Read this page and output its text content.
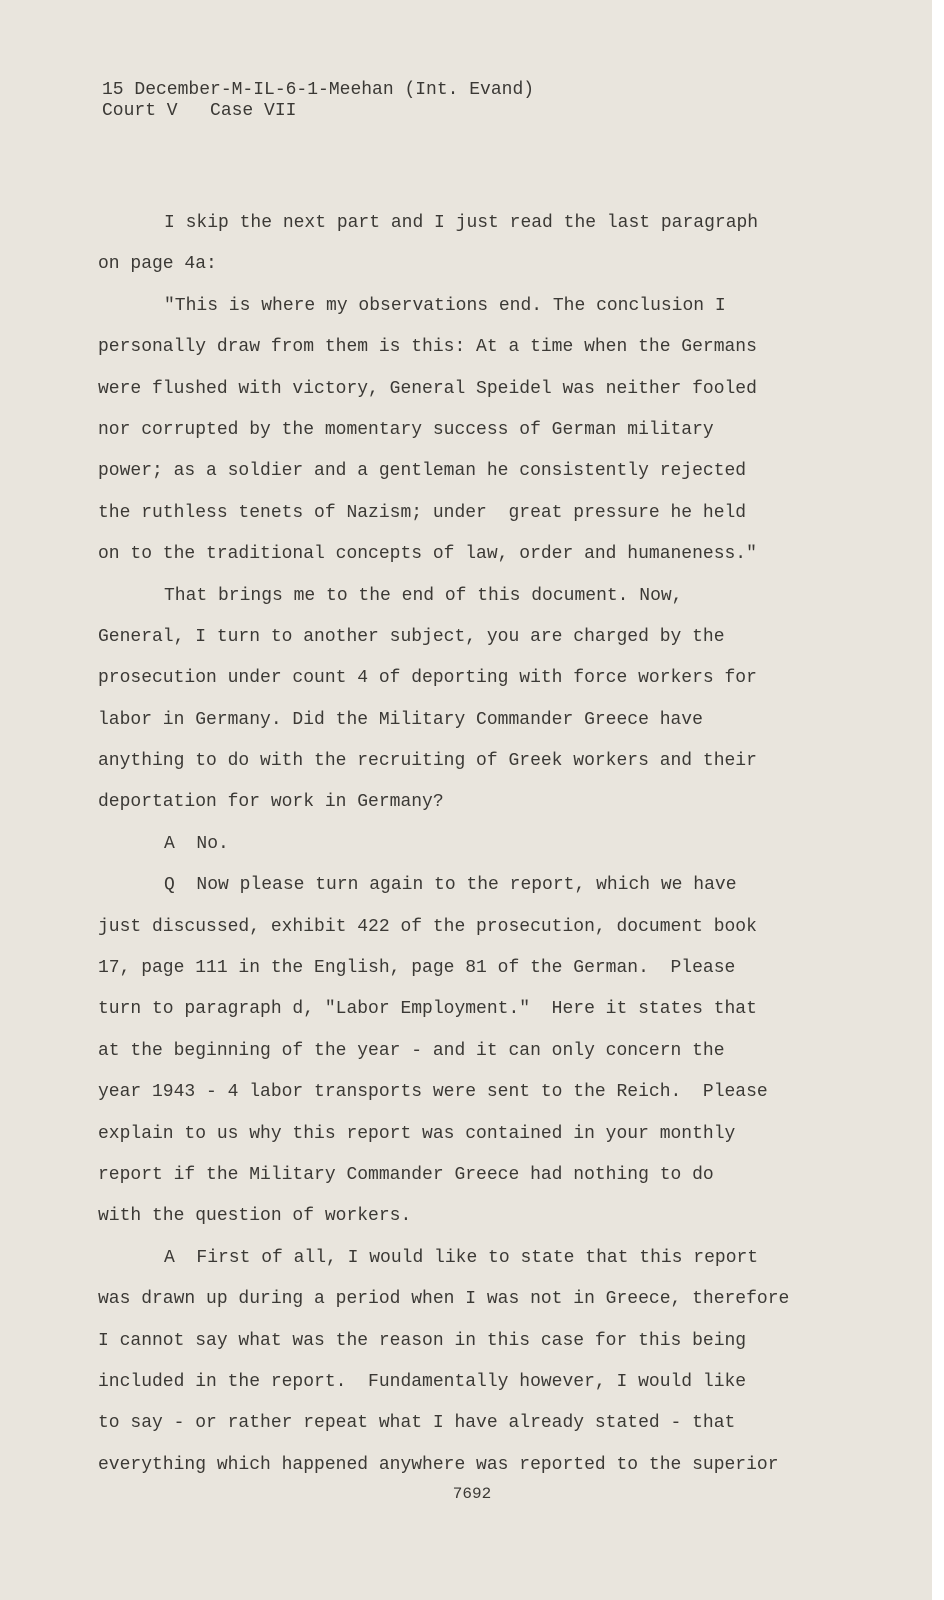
15 December-M-IL-6-1-Meehan (Int. Evand)
Court V   Case VII
I skip the next part and I just read the last paragraph
on page 4a:
"This is where my observations end. The conclusion I
personally draw from them is this: At a time when the Germans
were flushed with victory, General Speidel was neither fooled
nor corrupted by the momentary success of German military
power; as a soldier and a gentleman he consistently rejected
the ruthless tenets of Nazism; under  great pressure he held
on to the traditional concepts of law, order and humaneness."
That brings me to the end of this document. Now,
General, I turn to another subject, you are charged by the
prosecution under count 4 of deporting with force workers for
labor in Germany. Did the Military Commander Greece have
anything to do with the recruiting of Greek workers and their
deportation for work in Germany?
A  No.
Q  Now please turn again to the report, which we have
just discussed, exhibit 422 of the prosecution, document book
17, page 111 in the English, page 81 of the German.  Please
turn to paragraph d, "Labor Employment."  Here it states that
at the beginning of the year - and it can only concern the
year 1943 - 4 labor transports were sent to the Reich.  Please
explain to us why this report was contained in your monthly
report if the Military Commander Greece had nothing to do
with the question of workers.
A  First of all, I would like to state that this report
was drawn up during a period when I was not in Greece, therefore
I cannot say what was the reason in this case for this being
included in the report.  Fundamentally however, I would like
to say - or rather repeat what I have already stated - that
everything which happened anywhere was reported to the superior
7692
